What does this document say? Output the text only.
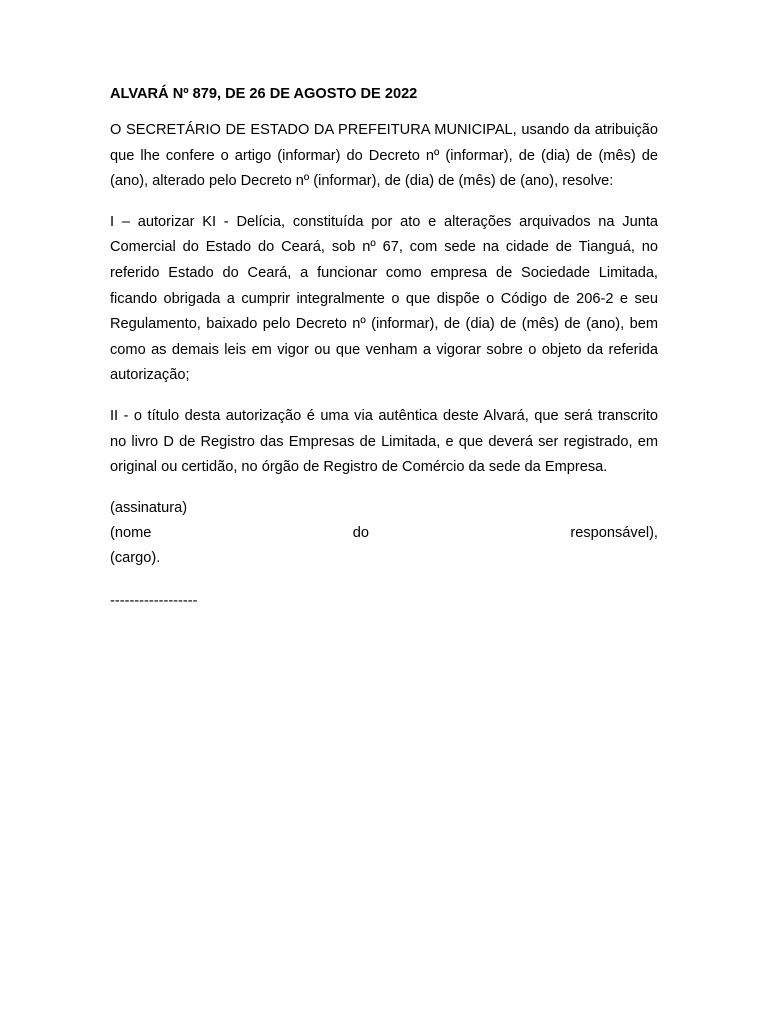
ALVARÁ Nº 879, DE 26 DE AGOSTO DE 2022

O SECRETÁRIO DE ESTADO DA PREFEITURA MUNICIPAL, usando da atribuição que lhe confere o artigo (informar) do Decreto nº (informar), de (dia) de (mês) de (ano), alterado pelo Decreto nº (informar), de (dia) de (mês) de (ano), resolve:

I – autorizar KI - Delícia, constituída por ato e alterações arquivados na Junta Comercial do Estado do Ceará, sob nº 67, com sede na cidade de Tianguá, no referido Estado do Ceará, a funcionar como empresa de Sociedade Limitada, ficando obrigada a cumprir integralmente o que dispõe o Código de 206-2 e seu Regulamento, baixado pelo Decreto nº (informar), de (dia) de (mês) de (ano), bem como as demais leis em vigor ou que venham a vigorar sobre o objeto da referida autorização;

II - o título desta autorização é uma via autêntica deste Alvará, que será transcrito no livro D de Registro das Empresas de Limitada, e que deverá ser registrado, em original ou certidão, no órgão de Registro de Comércio da sede da Empresa.

(assinatura)

(nome do responsável),

(cargo).

------------------
